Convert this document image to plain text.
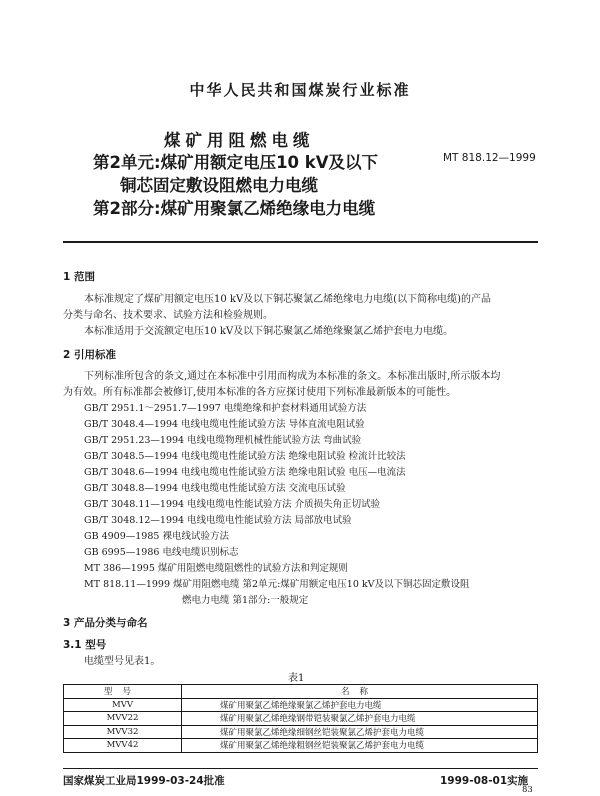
中华人民共和国煤炭行业标准
煤矿用阻燃电缆
第2单元:煤矿用额定电压10 kV及以下
铜芯固定敷设阻燃电力电缆
第2部分:煤矿用聚氯乙烯绝缘电力电缆
MT 818.12—1999
1 范围
本标准规定了煤矿用额定电压10 kV及以下铜芯聚氯乙烯绝缘电力电缆(以下简称电缆)的产品
分类与命名、技术要求、试验方法和检验规则。
本标准适用于交流额定电压10 kV及以下铜芯聚氯乙烯绝缘聚氯乙烯护套电力电缆。
2 引用标准
下列标准所包含的条文,通过在本标准中引用而构成为本标准的条文。本标准出版时,所示版本均
为有效。所有标准都会被修订,使用本标准的各方应探讨使用下列标准最新版本的可能性。
GB/T 2951.1～2951.7—1997 电缆绝缘和护套材料通用试验方法
GB/T 3048.4—1994 电线电缆电性能试验方法 导体直流电阻试验
GB/T 2951.23—1994 电线电缆物理机械性能试验方法 弯曲试验
GB/T 3048.5—1994 电线电缆电性能试验方法 绝缘电阻试验 检流计比较法
GB/T 3048.6—1994 电线电缆电性能试验方法 绝缘电阻试验 电压—电流法
GB/T 3048.8—1994 电线电缆电性能试验方法 交流电压试验
GB/T 3048.11—1994 电线电缆电性能试验方法 介质损失角正切试验
GB/T 3048.12—1994 电线电缆电性能试验方法 局部放电试验
GB 4909—1985 裸电线试验方法
GB 6995—1986 电线电缆识别标志
MT 386—1995 煤矿用阻燃电缆阻燃性的试验方法和判定规则
MT 818.11—1999 煤矿用阻燃电缆 第2单元:煤矿用额定电压10 kV及以下铜芯固定敷设阻
燃电力电缆 第1部分:一般规定
3 产品分类与命名
3.1 型号
电缆型号见表1。
表1
型号	名称
MVV	煤矿用聚氯乙烯绝缘聚氯乙烯护套电力电缆
MVV22	煤矿用聚氯乙烯绝缘钢带铠装聚氯乙烯护套电力电缆
MVV32	煤矿用聚氯乙烯绝缘细钢丝铠装聚氯乙烯护套电力电缆
MVV42	煤矿用聚氯乙烯绝缘粗钢丝铠装聚氯乙烯护套电力电缆
国家煤炭工业局1999-03-24批准	1999-08-01实施
83
